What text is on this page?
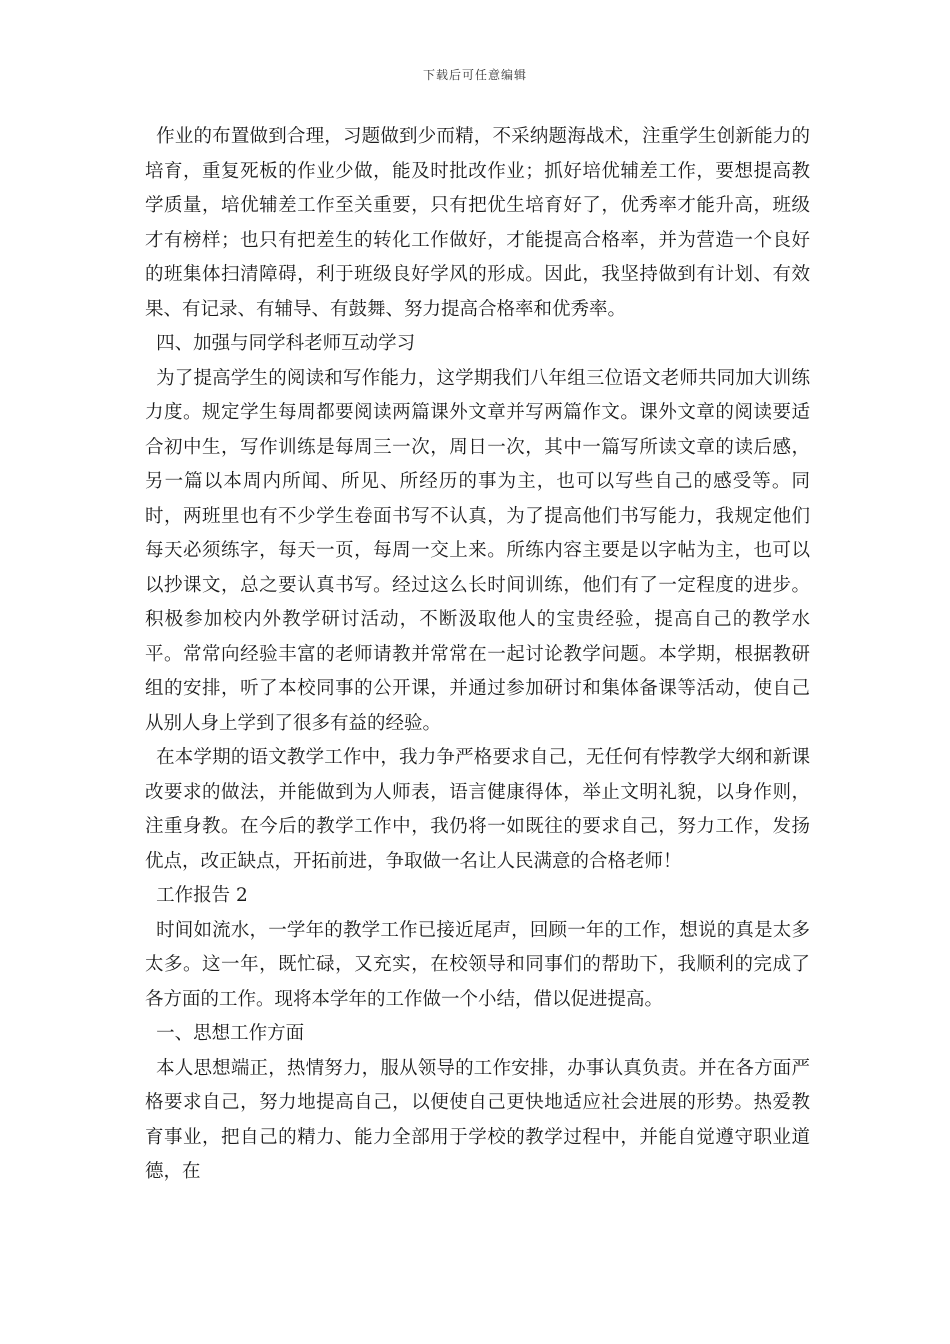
下载后可任意编辑

作业的布置做到合理，习题做到少而精，不采纳题海战术，注重学生创新能力的培育，重复死板的作业少做，能及时批改作业；抓好培优辅差工作，要想提高教学质量，培优辅差工作至关重要，只有把优生培育好了，优秀率才能升高，班级才有榜样；也只有把差生的转化工作做好，才能提高合格率，并为营造一个良好的班集体扫清障碍，利于班级良好学风的形成。因此，我坚持做到有计划、有效果、有记录、有辅导、有鼓舞、努力提高合格率和优秀率。

四、加强与同学科老师互动学习

为了提高学生的阅读和写作能力，这学期我们八年组三位语文老师共同加大训练力度。规定学生每周都要阅读两篇课外文章并写两篇作文。课外文章的阅读要适合初中生，写作训练是每周三一次，周日一次，其中一篇写所读文章的读后感，另一篇以本周内所闻、所见、所经历的事为主，也可以写些自己的感受等。同时，两班里也有不少学生卷面书写不认真，为了提高他们书写能力，我规定他们每天必须练字，每天一页，每周一交上来。所练内容主要是以字帖为主，也可以以抄课文，总之要认真书写。经过这么长时间训练，他们有了一定程度的进步。积极参加校内外教学研讨活动，不断汲取他人的宝贵经验，提高自己的教学水平。常常向经验丰富的老师请教并常常在一起讨论教学问题。本学期，根据教研组的安排，听了本校同事的公开课，并通过参加研讨和集体备课等活动，使自己从别人身上学到了很多有益的经验。

在本学期的语文教学工作中，我力争严格要求自己，无任何有悖教学大纲和新课改要求的做法，并能做到为人师表，语言健康得体，举止文明礼貌，以身作则，注重身教。在今后的教学工作中，我仍将一如既往的要求自己，努力工作，发扬优点，改正缺点，开拓前进，争取做一名让人民满意的合格老师！

工作报告 2

时间如流水，一学年的教学工作已接近尾声，回顾一年的工作，想说的真是太多太多。这一年，既忙碌，又充实，在校领导和同事们的帮助下，我顺利的完成了各方面的工作。现将本学年的工作做一个小结，借以促进提高。

一、思想工作方面

本人思想端正，热情努力，服从领导的工作安排，办事认真负责。并在各方面严格要求自己，努力地提高自己，以便使自己更快地适应社会进展的形势。热爱教育事业，把自己的精力、能力全部用于学校的教学过程中，并能自觉遵守职业道德，在
